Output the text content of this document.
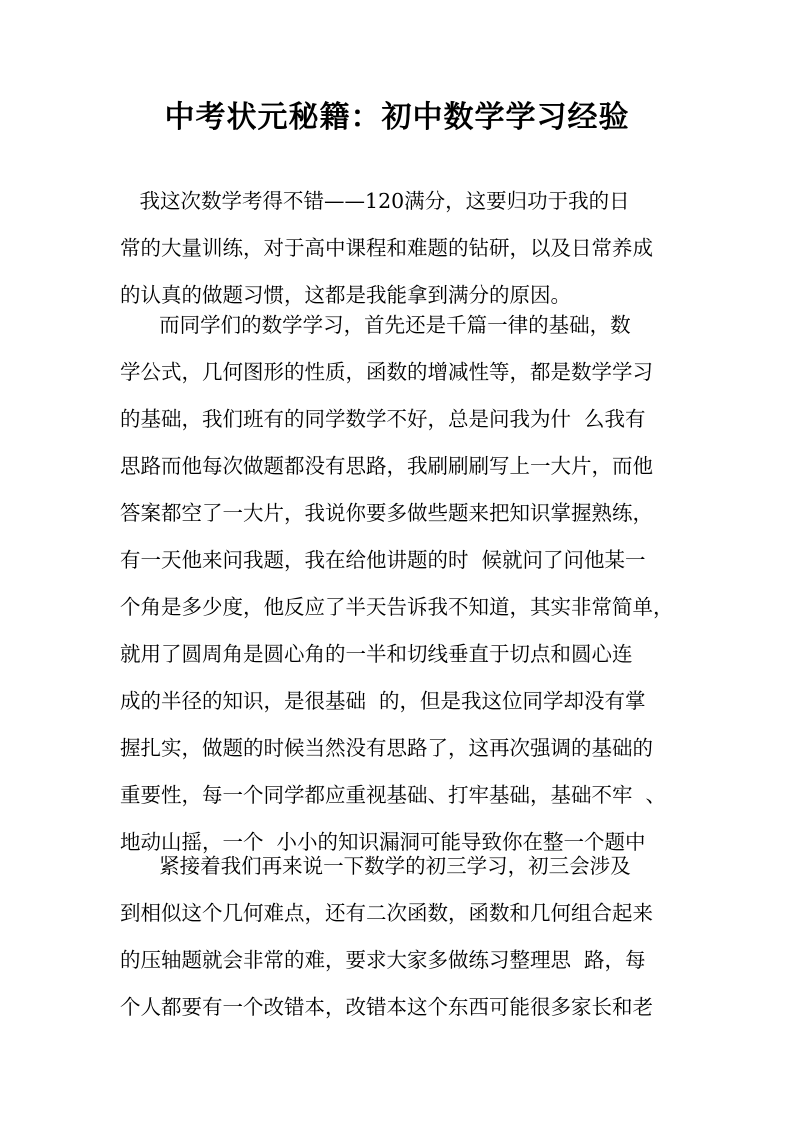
中考状元秘籍：初中数学学习经验
我这次数学考得不错——120满分，这要归功于我的日
常的大量训练，对于高中课程和难题的钻研，以及日常养成
的认真的做题习惯，这都是我能拿到满分的原因。
而同学们的数学学习，首先还是千篇一律的基础，数
学公式，几何图形的性质，函数的增减性等，都是数学学习
的基础，我们班有的同学数学不好，总是问我为什  么我有
思路而他每次做题都没有思路，我刷刷刷写上一大片，而他
答案都空了一大片，我说你要多做些题来把知识掌握熟练，
有一天他来问我题，我在给他讲题的时  候就问了问他某一
个角是多少度，他反应了半天告诉我不知道，其实非常简单，
就用了圆周角是圆心角的一半和切线垂直于切点和圆心连
成的半径的知识，是很基础  的，但是我这位同学却没有掌
握扎实，做题的时候当然没有思路了，这再次强调的基础的
重要性，每一个同学都应重视基础、打牢基础，基础不牢  、
地动山摇，一个  小小的知识漏洞可能导致你在整一个题中
紧接着我们再来说一下数学的初三学习，初三会涉及
到相似这个几何难点，还有二次函数，函数和几何组合起来
的压轴题就会非常的难，要求大家多做练习整理思  路，每
个人都要有一个改错本，改错本这个东西可能很多家长和老
